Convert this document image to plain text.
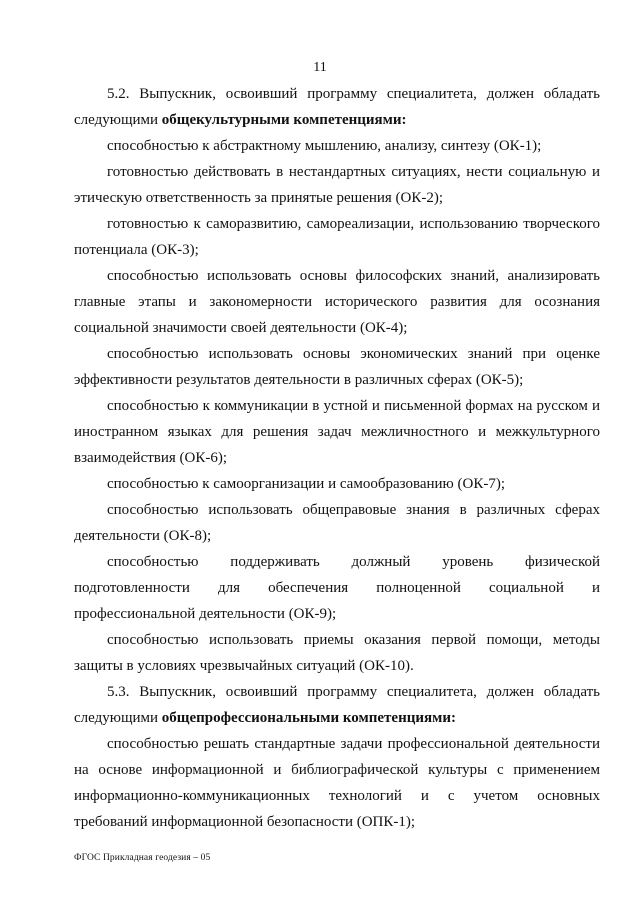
11

5.2. Выпускник, освоивший программу специалитета, должен обладать следующими общекультурными компетенциями:

способностью к абстрактному мышлению, анализу, синтезу (ОК-1);

готовностью действовать в нестандартных ситуациях, нести социальную и этическую ответственность за принятые решения (ОК-2);

готовностью к саморазвитию, самореализации, использованию творческого потенциала (ОК-3);

способностью использовать основы философских знаний, анализировать главные этапы и закономерности исторического развития для осознания социальной значимости своей деятельности (ОК-4);

способностью использовать основы экономических знаний при оценке эффективности результатов деятельности в различных сферах (ОК-5);

способностью к коммуникации в устной и письменной формах на русском и иностранном языках для решения задач межличностного и межкультурного взаимодействия (ОК-6);

способностью к самоорганизации и самообразованию (ОК-7);

способностью использовать общеправовые знания в различных сферах деятельности (ОК-8);

способностью поддерживать должный уровень физической подготовленности для обеспечения полноценной социальной и профессиональной деятельности (ОК-9);

способностью использовать приемы оказания первой помощи, методы защиты в условиях чрезвычайных ситуаций (ОК-10).

5.3. Выпускник, освоивший программу специалитета, должен обладать следующими общепрофессиональными компетенциями:

способностью решать стандартные задачи профессиональной деятельности на основе информационной и библиографической культуры с применением информационно-коммуникационных технологий и с учетом основных требований информационной безопасности (ОПК-1);

ФГОС Прикладная геодезия – 05
